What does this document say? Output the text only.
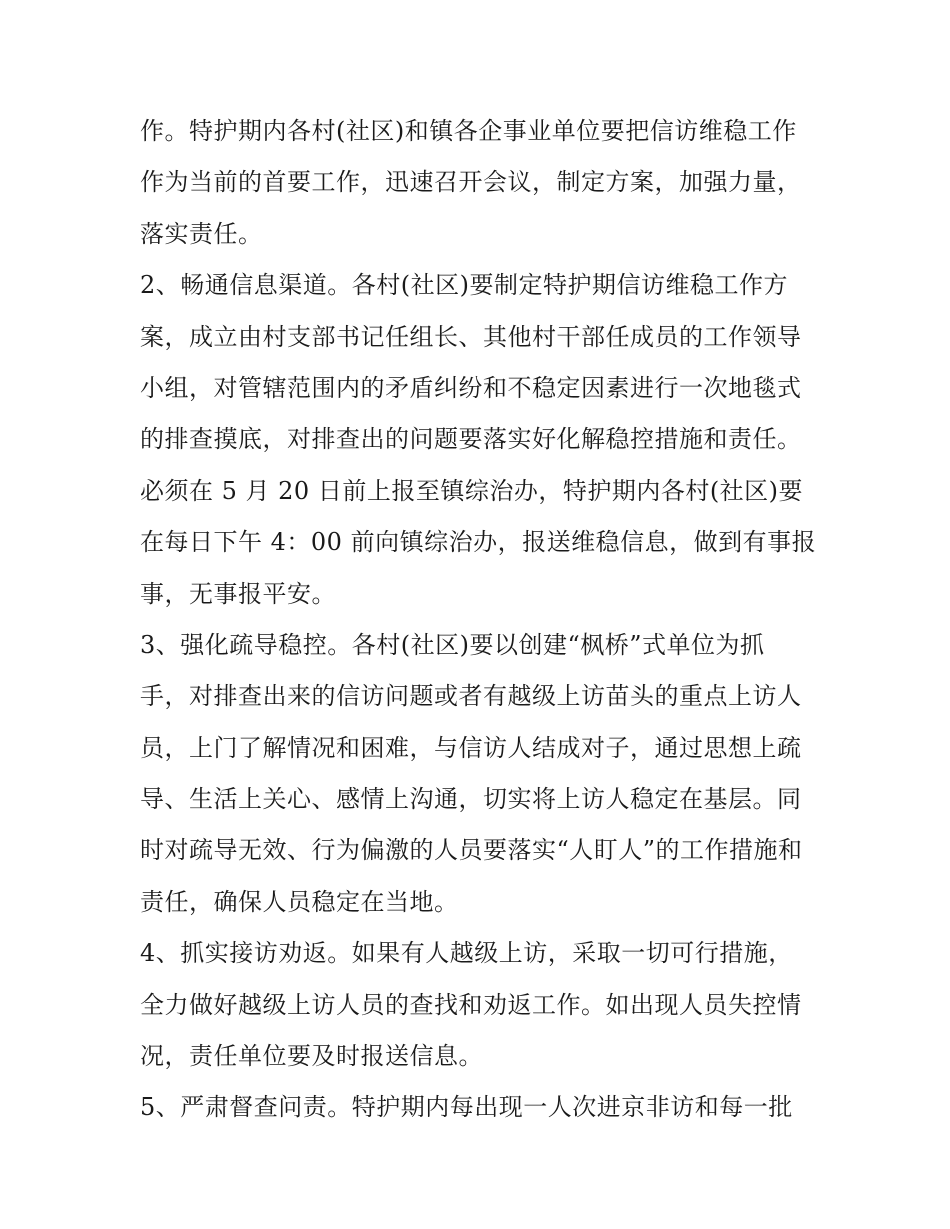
作。特护期内各村(社区)和镇各企事业单位要把信访维稳工作
作为当前的首要工作，迅速召开会议，制定方案，加强力量，
落实责任。
2、畅通信息渠道。各村(社区)要制定特护期信访维稳工作方
案，成立由村支部书记任组长、其他村干部任成员的工作领导
小组，对管辖范围内的矛盾纠纷和不稳定因素进行一次地毯式
的排查摸底，对排查出的问题要落实好化解稳控措施和责任。
必须在 5 月 20 日前上报至镇综治办，特护期内各村(社区)要
在每日下午 4：00 前向镇综治办，报送维稳信息，做到有事报
事，无事报平安。
3、强化疏导稳控。各村(社区)要以创建“枫桥”式单位为抓
手，对排查出来的信访问题或者有越级上访苗头的重点上访人
员，上门了解情况和困难，与信访人结成对子，通过思想上疏
导、生活上关心、感情上沟通，切实将上访人稳定在基层。同
时对疏导无效、行为偏激的人员要落实“人盯人”的工作措施和
责任，确保人员稳定在当地。
4、抓实接访劝返。如果有人越级上访，采取一切可行措施，
全力做好越级上访人员的查找和劝返工作。如出现人员失控情
况，责任单位要及时报送信息。
5、严肃督查问责。特护期内每出现一人次进京非访和每一批
